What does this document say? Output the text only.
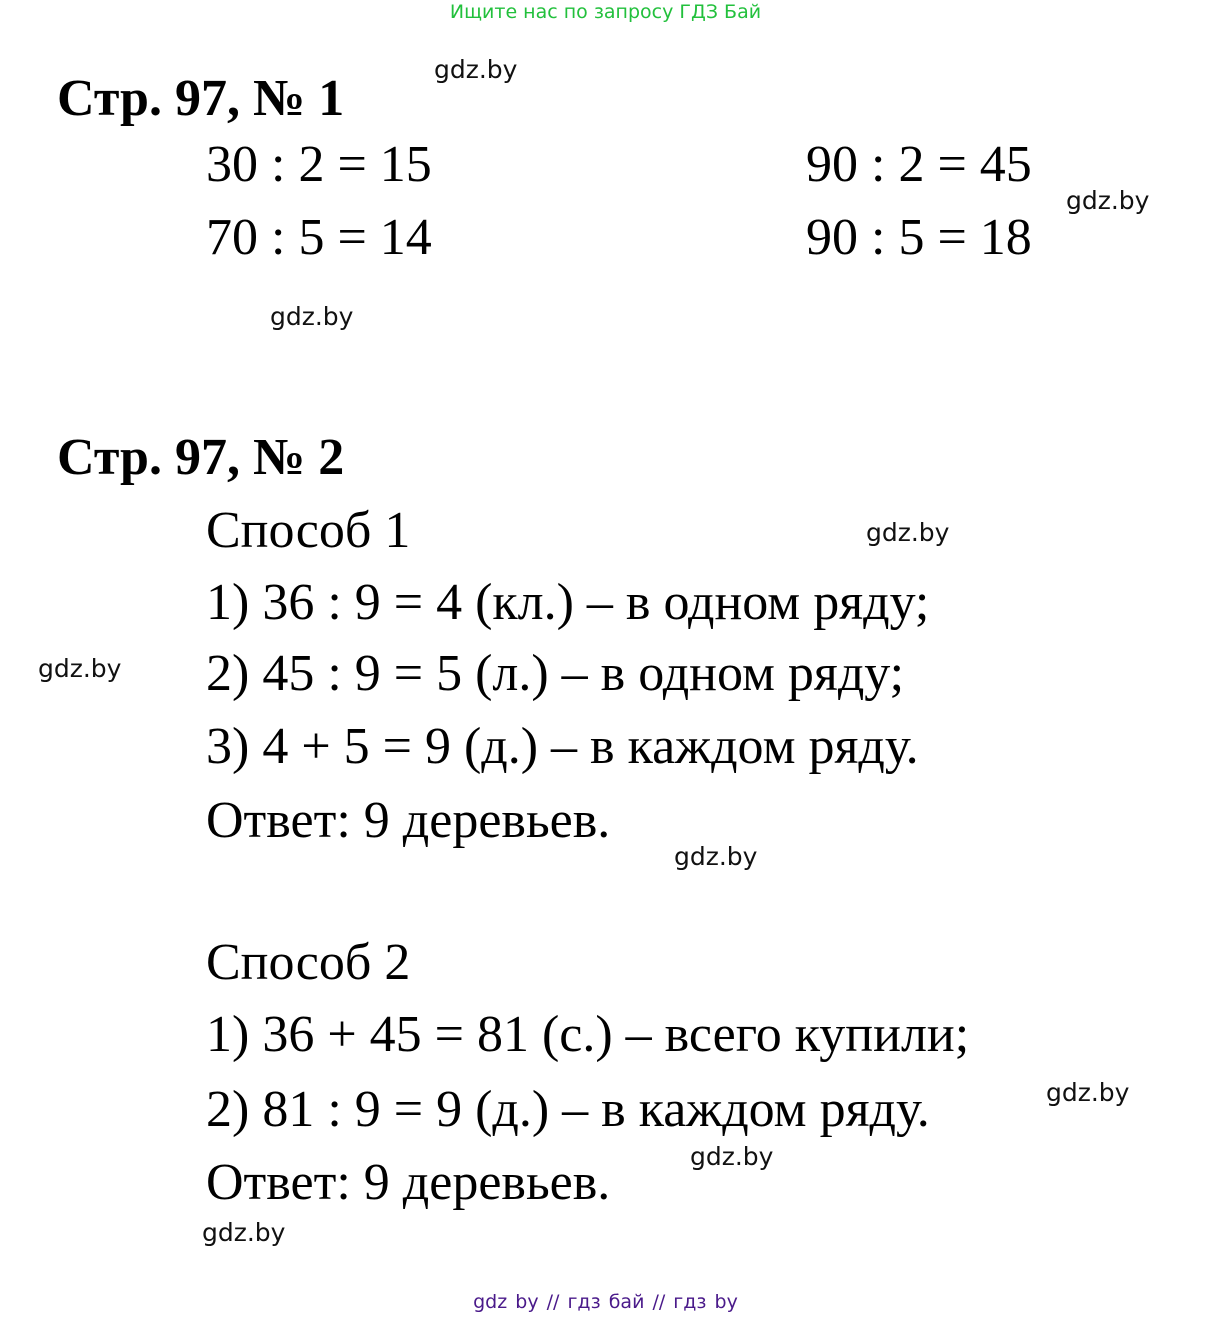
Ищите нас по запросу ГДЗ Бай
Стр. 97, № 1
gdz.by
30 : 2 = 15
70 : 5 = 14
90 : 2 = 45
90 : 5 = 18
gdz.by
gdz.by
Стр. 97, № 2
Способ 1	gdz.by
1) 36 : 9 = 4 (кл.) – в одном ряду;
gdz.by 2) 45 : 9 = 5 (л.) – в одном ряду;
3) 4 + 5 = 9 (д.) – в каждом ряду.
Ответ: 9 деревьев.
gdz.by
Способ 2
1) 36 + 45 = 81 (с.) – всего купили;
2) 81 : 9 = 9 (д.) – в каждом ряду.	gdz.by
gdz.by
Ответ: 9 деревьев.
gdz.by
gdz by // гдз бай // гдз by
